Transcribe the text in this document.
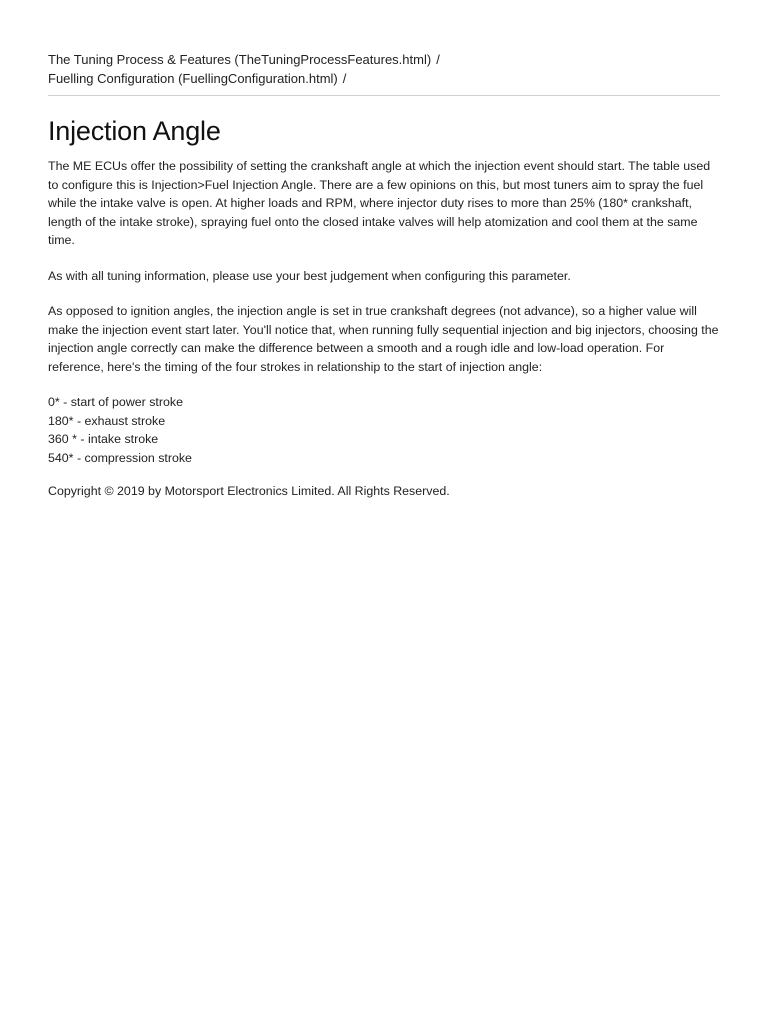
The Tuning Process & Features (TheTuningProcessFeatures.html) /
Fuelling Configuration (FuellingConfiguration.html) /
Injection Angle

The ME ECUs offer the possibility of setting the crankshaft angle at which the injection event should start. The table used to configure this is Injection>Fuel Injection Angle. There are a few opinions on this, but most tuners aim to spray the fuel while the intake valve is open. At higher loads and RPM, where injector duty rises to more than 25% (180* crankshaft, length of the intake stroke), spraying fuel onto the closed intake valves will help atomization and cool them at the same time.

As with all tuning information, please use your best judgement when configuring this parameter.

As opposed to ignition angles, the injection angle is set in true crankshaft degrees (not advance), so a higher value will make the injection event start later. You'll notice that, when running fully sequential injection and big injectors, choosing the injection angle correctly can make the difference between a smooth and a rough idle and low-load operation. For reference, here's the timing of the four strokes in relationship to the start of injection angle:

0* - start of power stroke
180* - exhaust stroke
360 * - intake stroke
540* - compression stroke
Copyright © 2019 by Motorsport Electronics Limited. All Rights Reserved.
